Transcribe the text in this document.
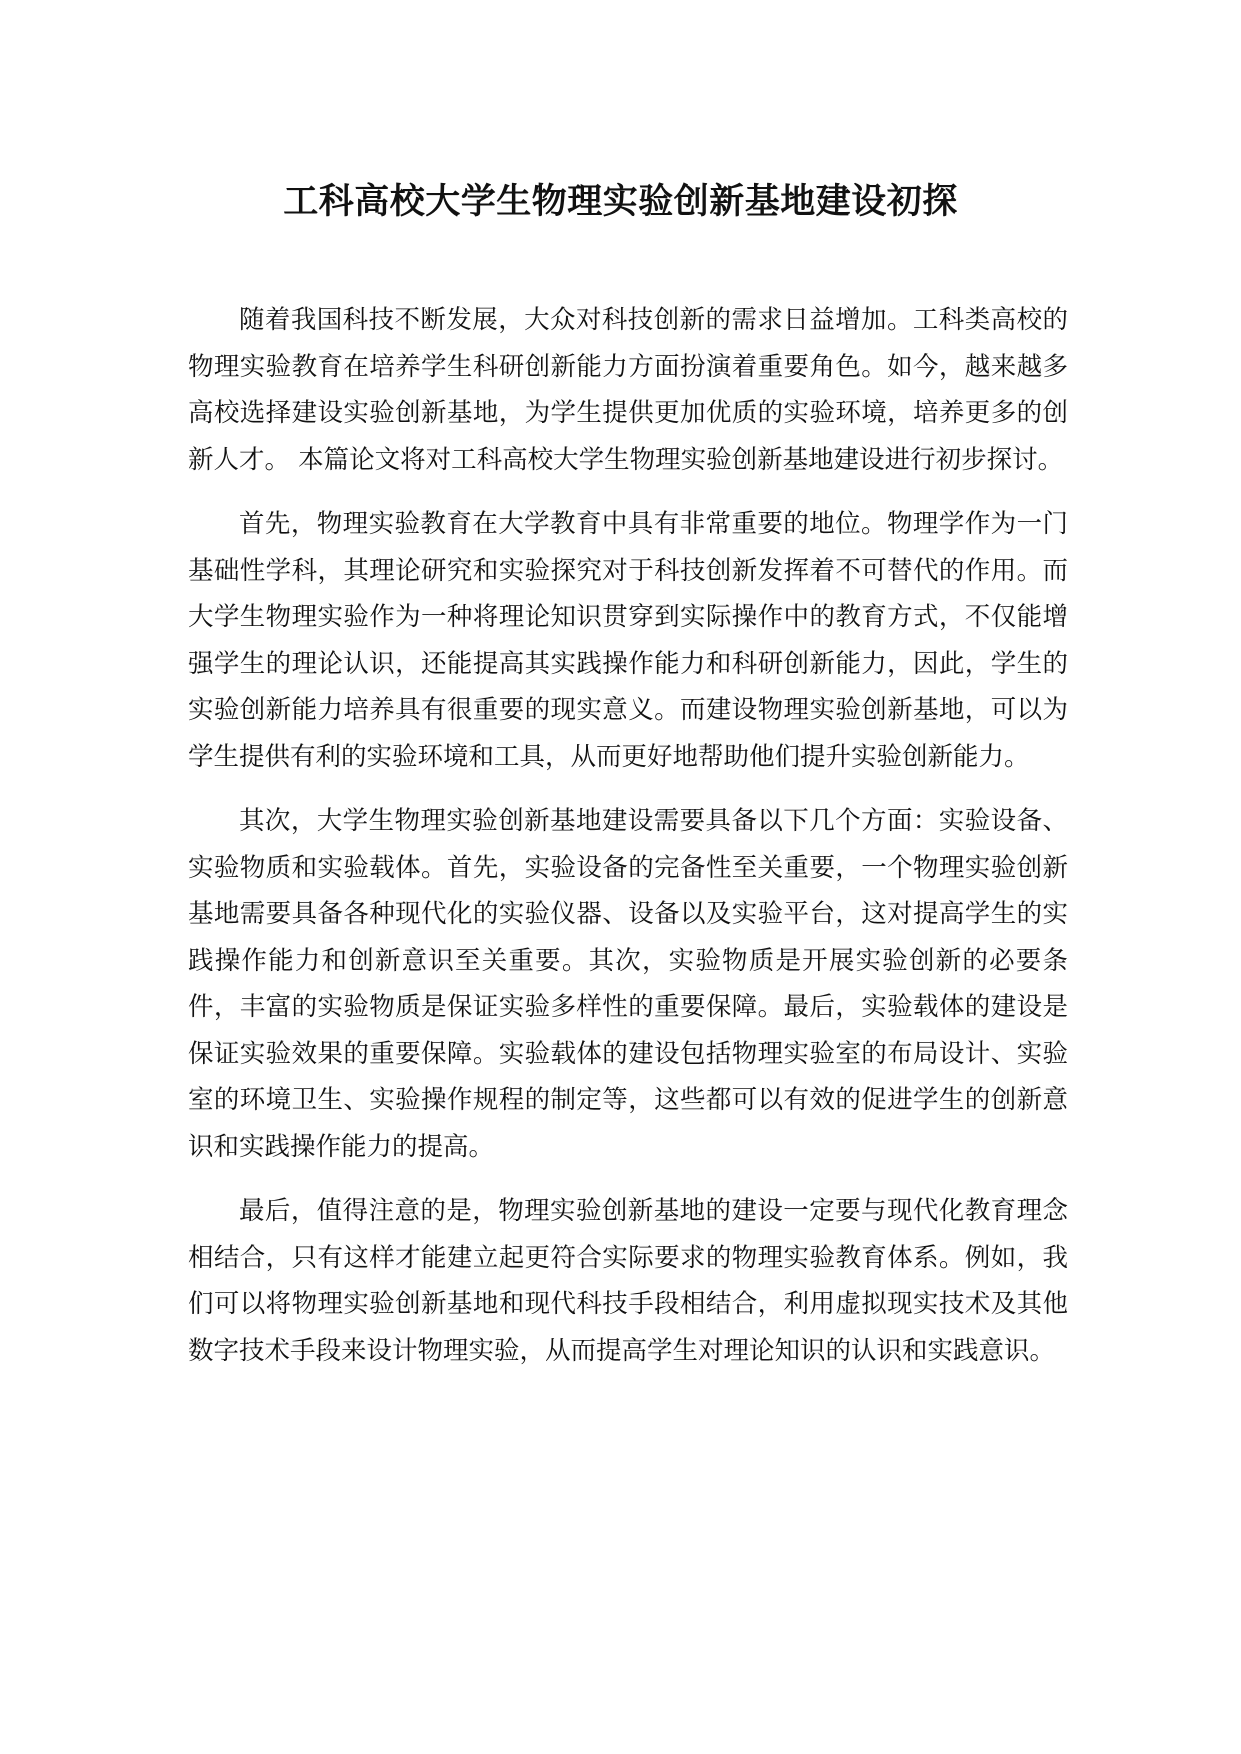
工科高校大学生物理实验创新基地建设初探

随着我国科技不断发展，大众对科技创新的需求日益增加。工科类高校的物理实验教育在培养学生科研创新能力方面扮演着重要角色。如今，越来越多高校选择建设实验创新基地，为学生提供更加优质的实验环境，培养更多的创新人才。 本篇论文将对工科高校大学生物理实验创新基地建设进行初步探讨。

首先，物理实验教育在大学教育中具有非常重要的地位。物理学作为一门基础性学科，其理论研究和实验探究对于科技创新发挥着不可替代的作用。而大学生物理实验作为一种将理论知识贯穿到实际操作中的教育方式，不仅能增强学生的理论认识，还能提高其实践操作能力和科研创新能力，因此，学生的实验创新能力培养具有很重要的现实意义。而建设物理实验创新基地，可以为学生提供有利的实验环境和工具，从而更好地帮助他们提升实验创新能力。

其次，大学生物理实验创新基地建设需要具备以下几个方面：实验设备、实验物质和实验载体。首先，实验设备的完备性至关重要，一个物理实验创新基地需要具备各种现代化的实验仪器、设备以及实验平台，这对提高学生的实践操作能力和创新意识至关重要。其次，实验物质是开展实验创新的必要条件，丰富的实验物质是保证实验多样性的重要保障。最后，实验载体的建设是保证实验效果的重要保障。实验载体的建设包括物理实验室的布局设计、实验室的环境卫生、实验操作规程的制定等，这些都可以有效的促进学生的创新意识和实践操作能力的提高。

最后，值得注意的是，物理实验创新基地的建设一定要与现代化教育理念相结合，只有这样才能建立起更符合实际要求的物理实验教育体系。例如，我们可以将物理实验创新基地和现代科技手段相结合，利用虚拟现实技术及其他数字技术手段来设计物理实验，从而提高学生对理论知识的认识和实践意识。
